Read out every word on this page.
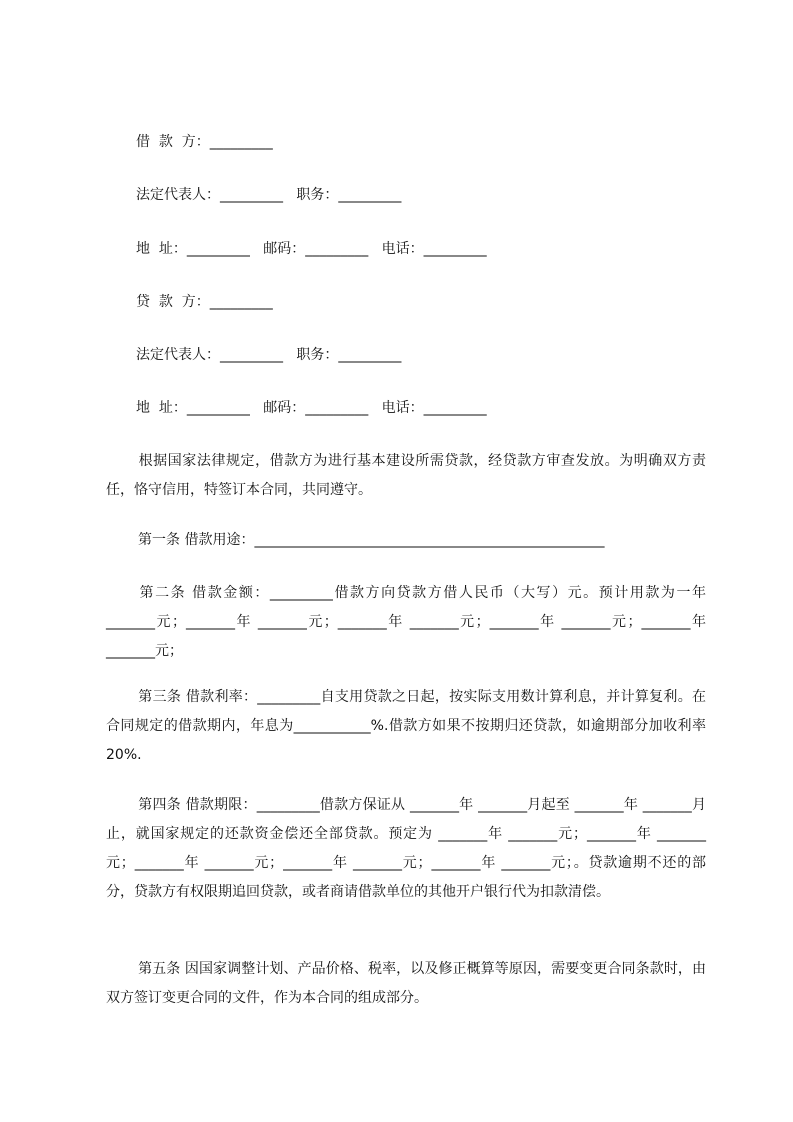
借  款  方：_________
法定代表人：_________   职务：_________
地  址：_________   邮码：_________   电话：_________
贷  款  方：_________
法定代表人：_________   职务：_________
地  址：_________   邮码：_________   电话：_________
根据国家法律规定，借款方为进行基本建设所需贷款，经贷款方审查发放。为明确双方责任，恪守信用，特签订本合同，共同遵守。
第一条 借款用途：__________________________________________________
第二条 借款金额：_________借款方向贷款方借人民币（大写）元。预计用款为一年 _______元；_______年 _______元；_______年 _______元；_______年 _______元；_______年 _______元；
第三条 借款利率：_________自支用贷款之日起，按实际支用数计算利息，并计算复利。在合同规定的借款期内，年息为___________%.借款方如果不按期归还贷款，如逾期部分加收利率 20%.
第四条 借款期限：_________借款方保证从 _______年 _______月起至 _______年 _______月止，就国家规定的还款资金偿还全部贷款。预定为 _______年 _______元；_______年 _______元；_______年 _______元；_______年 _______元；_______年 _______元；。贷款逾期不还的部分，贷款方有权限期追回贷款，或者商请借款单位的其他开户银行代为扣款清偿。
第五条 因国家调整计划、产品价格、税率，以及修正概算等原因，需要变更合同条款时，由双方签订变更合同的文件，作为本合同的组成部分。
